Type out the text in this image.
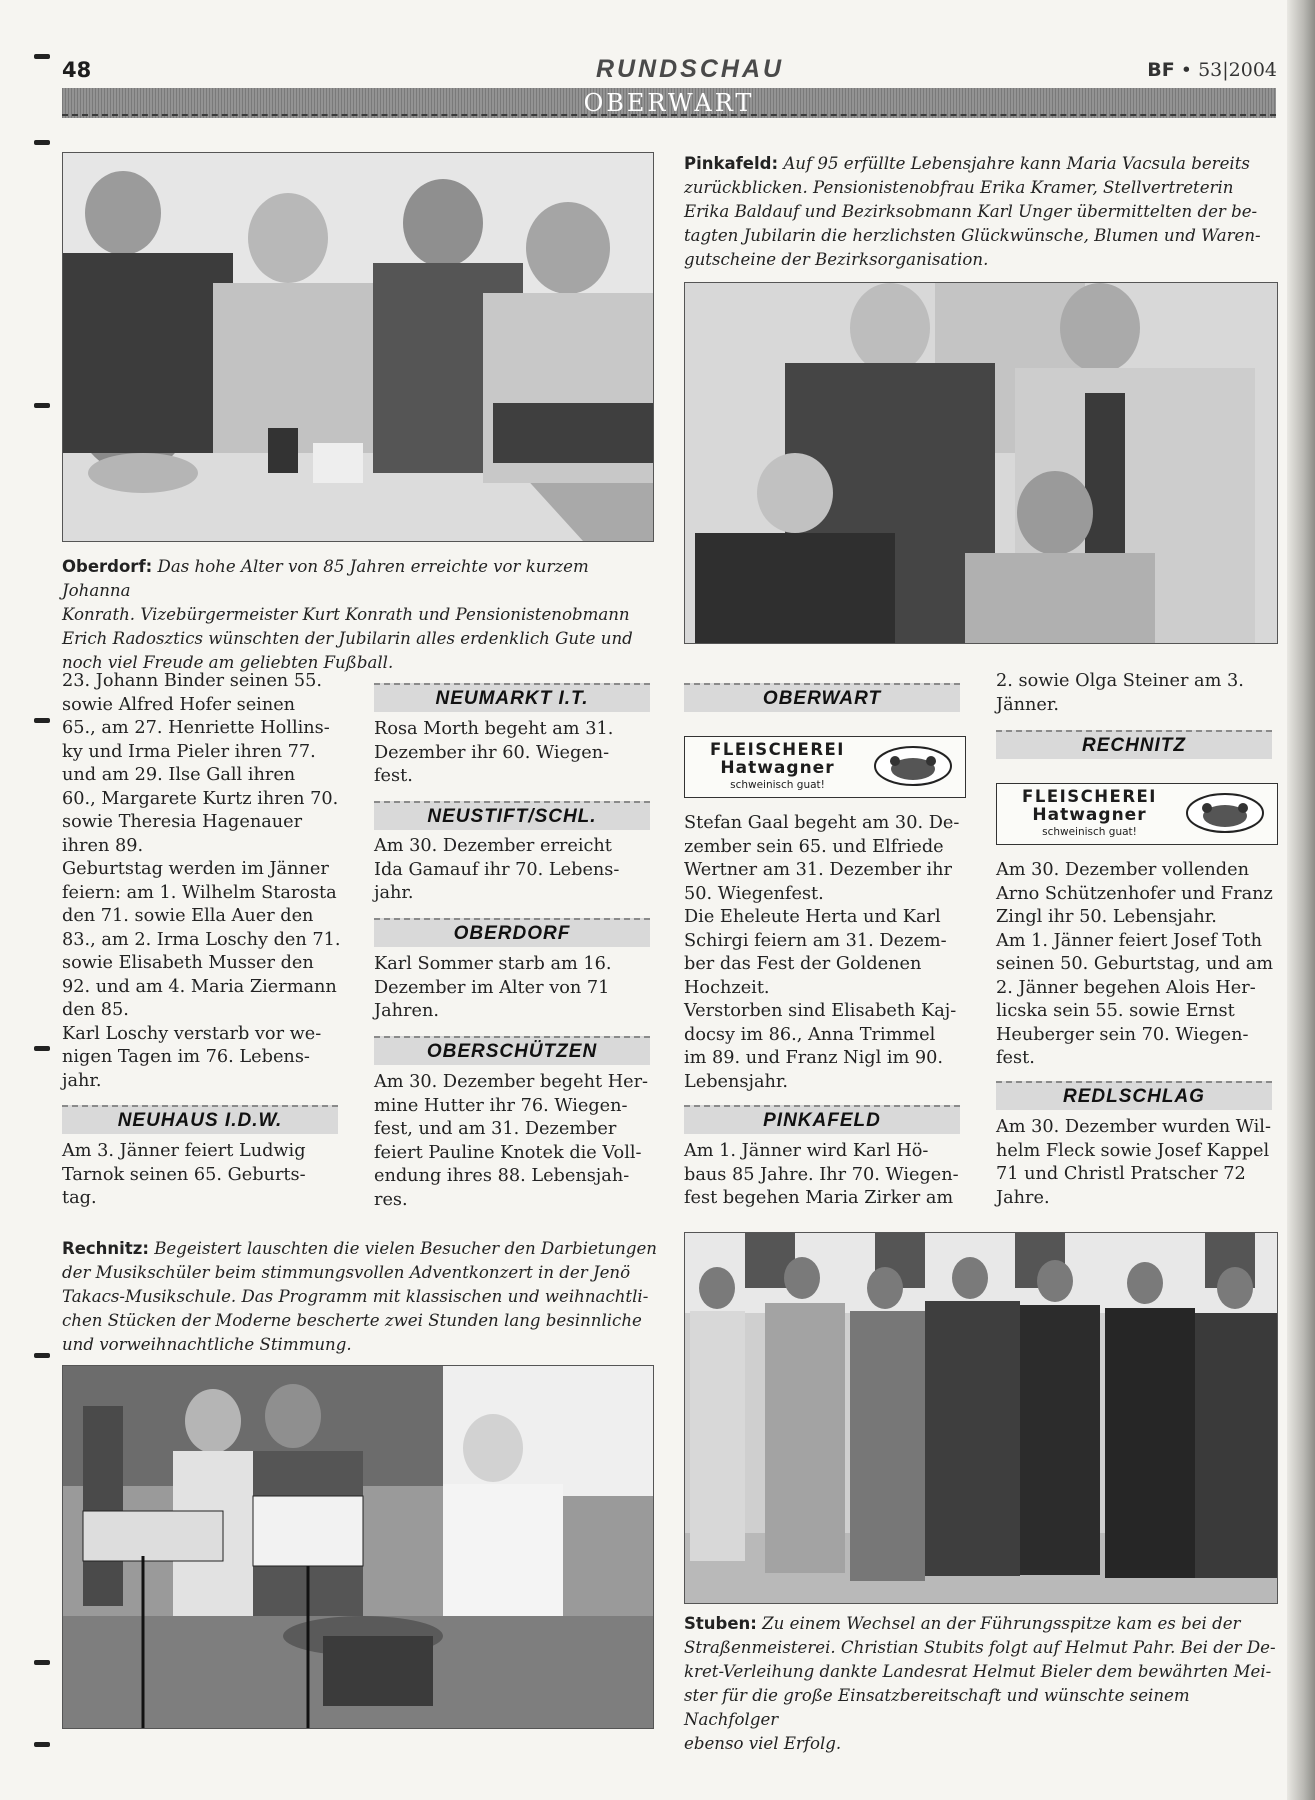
48	RUNDSCHAU	BF • 53|2004
OBERWART
Pinkafeld: Auf 95 erfüllte Lebensjahre kann Maria Vacsula bereits
zurückblicken. Pensionistenobfrau Erika Kramer, Stellvertreterin
Erika Baldauf und Bezirksobmann Karl Unger übermittelten der be-
tagten Jubilarin die herzlichsten Glückwünsche, Blumen und Waren-
gutscheine der Bezirksorganisation.
Oberdorf: Das hohe Alter von 85 Jahren erreichte vor kurzem Johanna
Konrath. Vizebürgermeister Kurt Konrath und Pensionistenobmann
Erich Radosztics wünschten der Jubilarin alles erdenklich Gute und
noch viel Freude am geliebten Fußball.

23. Johann Binder seinen 55.

sowie Alfred Hofer seinen

65., am 27. Henriette Hollins-

ky und Irma Pieler ihren 77.

und am 29. Ilse Gall ihren

60., Margarete Kurtz ihren 70.

sowie Theresia Hagenauer

ihren 89.

Geburtstag werden im Jänner

feiern: am 1. Wilhelm Starosta

den 71. sowie Ella Auer den

83., am 2. Irma Loschy den 71.

sowie Elisabeth Musser den

92. und am 4. Maria Ziermann

den 85.

Karl Loschy verstarb vor we-

nigen Tagen im 76. Lebens-

jahr.

NEUHAUS I.D.W.

Am 3. Jänner feiert Ludwig

Tarnok seinen 65. Geburts-

tag.

NEUMARKT I.T.

Rosa Morth begeht am 31.

Dezember ihr 60. Wiegen-

fest.

NEUSTIFT/SCHL.

Am 30. Dezember erreicht

Ida Gamauf ihr 70. Lebens-

jahr.

OBERDORF

Karl Sommer starb am 16.

Dezember im Alter von 71

Jahren.

OBERSCHÜTZEN

Am 30. Dezember begeht Her-

mine Hutter ihr 76. Wiegen-

fest, und am 31. Dezember

feiert Pauline Knotek die Voll-

endung ihres 88. Lebensjah-

res.

OBERWART
FLEISCHEREI
Hatwagner
schweinisch guat!

Stefan Gaal begeht am 30. De-

zember sein 65. und Elfriede

Wertner am 31. Dezember ihr

50. Wiegenfest.

Die Eheleute Herta und Karl

Schirgi feiern am 31. Dezem-

ber das Fest der Goldenen

Hochzeit.

Verstorben sind Elisabeth Kaj-

docsy im 86., Anna Trimmel

im 89. und Franz Nigl im 90.

Lebensjahr.

PINKAFELD

Am 1. Jänner wird Karl Hö-

baus 85 Jahre. Ihr 70. Wiegen-

fest begehen Maria Zirker am

2. sowie Olga Steiner am 3.

Jänner.

RECHNITZ
FLEISCHEREI
Hatwagner
schweinisch guat!

Am 30. Dezember vollenden

Arno Schützenhofer und Franz

Zingl ihr 50. Lebensjahr.

Am 1. Jänner feiert Josef Toth

seinen 50. Geburtstag, und am

2. Jänner begehen Alois Her-

licska sein 55. sowie Ernst

Heuberger sein 70. Wiegen-

fest.

REDLSCHLAG

Am 30. Dezember wurden Wil-

helm Fleck sowie Josef Kappel

71 und Christl Pratscher 72

Jahre.

Rechnitz: Begeistert lauschten die vielen Besucher den Darbietungen
der Musikschüler beim stimmungsvollen Adventkonzert in der Jenö
Takacs-Musikschule. Das Programm mit klassischen und weihnachtli-
chen Stücken der Moderne bescherte zwei Stunden lang besinnliche
und vorweihnachtliche Stimmung.
Stuben: Zu einem Wechsel an der Führungsspitze kam es bei der
Straßenmeisterei. Christian Stubits folgt auf Helmut Pahr. Bei der De-
kret-Verleihung dankte Landesrat Helmut Bieler dem bewährten Mei-
ster für die große Einsatzbereitschaft und wünschte seinem Nachfolger
ebenso viel Erfolg.
